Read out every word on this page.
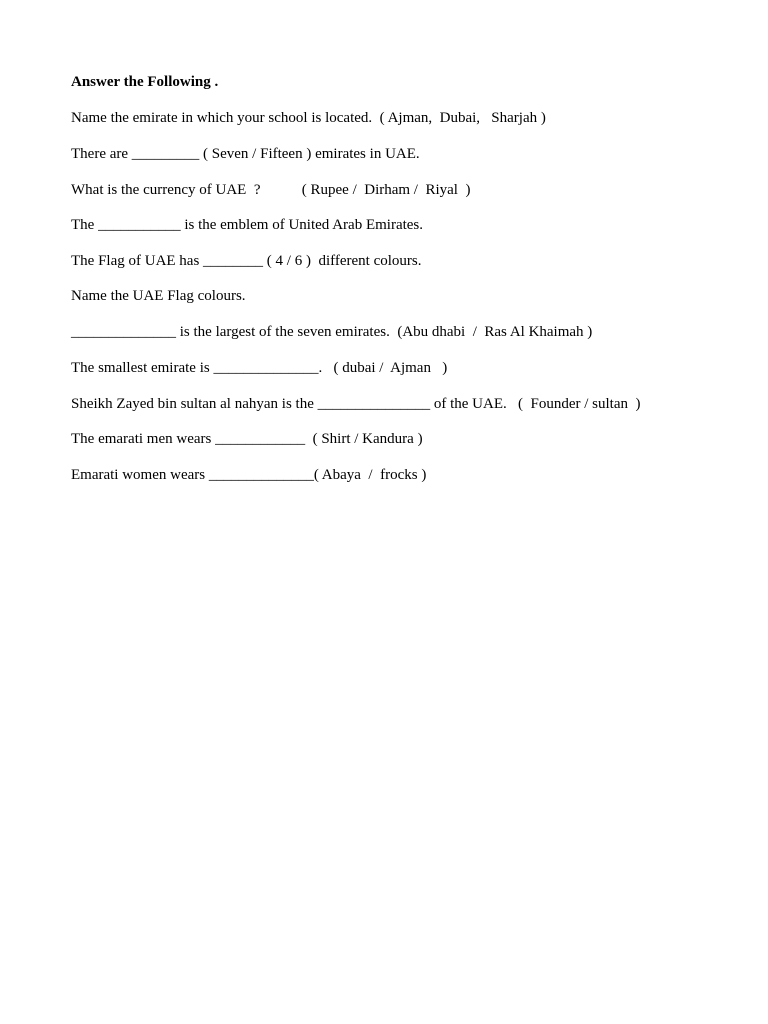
Answer the Following .
Name the emirate in which your school is located.  ( Ajman,  Dubai,   Sharjah )
There are _________ ( Seven / Fifteen ) emirates in UAE.
What is the currency of UAE  ?           ( Rupee /  Dirham /  Riyal  )
The ___________ is the emblem of United Arab Emirates.
The Flag of UAE has ________ ( 4 / 6 )  different colours.
Name the UAE Flag colours.
______________ is the largest of the seven emirates.  (Abu dhabi  /  Ras Al Khaimah )
The smallest emirate is ______________.   ( dubai /  Ajman   )
Sheikh Zayed bin sultan al nahyan is the _______________ of the UAE.   (  Founder / sultan  )
The emarati men wears ____________  ( Shirt / Kandura )
Emarati women wears ______________( Abaya  /  frocks )
